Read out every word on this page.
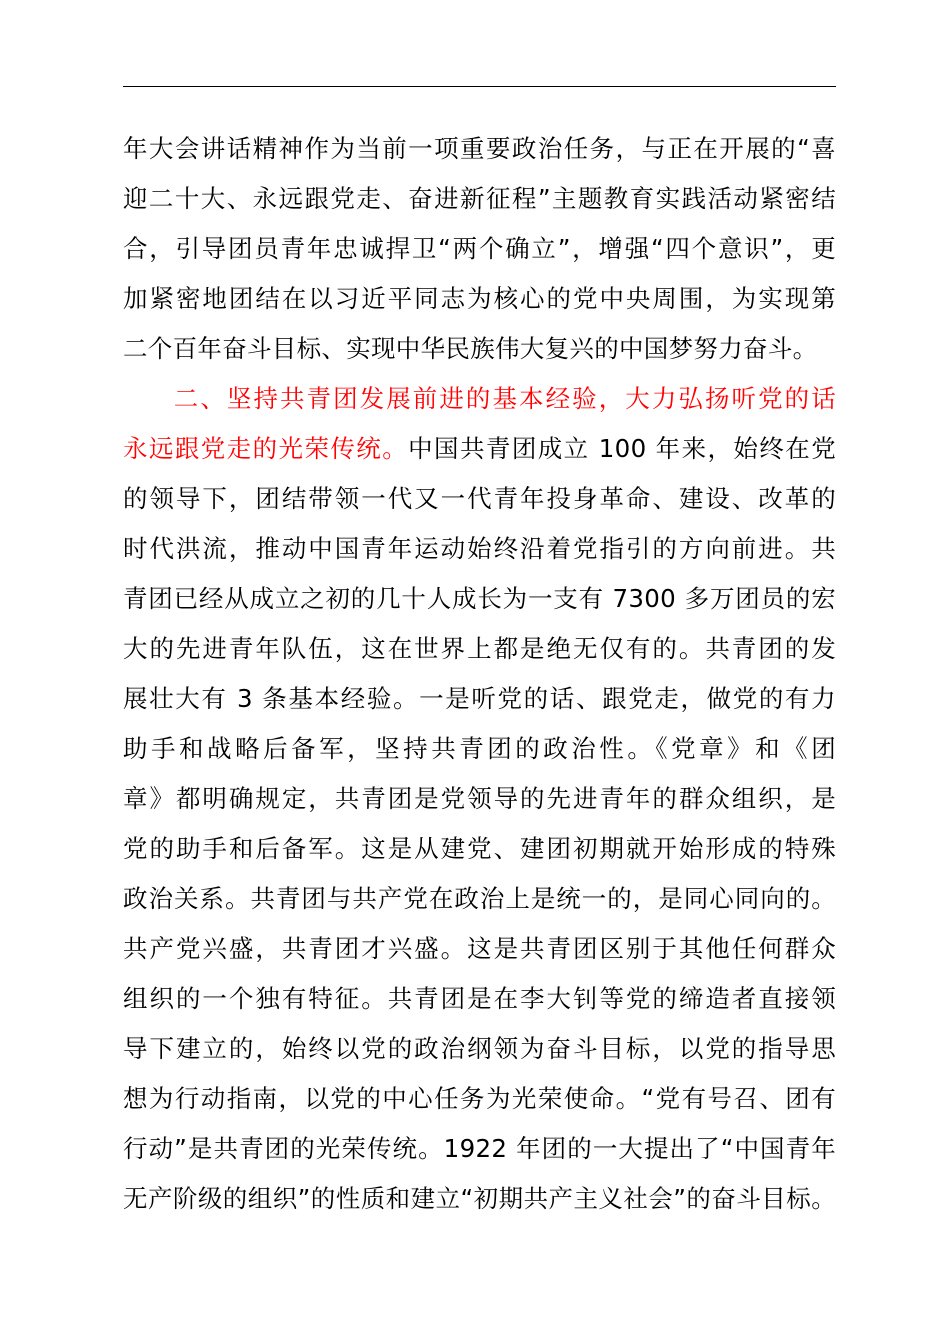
年大会讲话精神作为当前一项重要政治任务，与正在开展的“喜
迎二十大、永远跟党走、奋进新征程”主题教育实践活动紧密结
合，引导团员青年忠诚捍卫“两个确立”，增强“四个意识”，更
加紧密地团结在以习近平同志为核心的党中央周围，为实现第
二个百年奋斗目标、实现中华民族伟大复兴的中国梦努力奋斗。
二、坚持共青团发展前进的基本经验，大力弘扬听党的话
永远跟党走的光荣传统。中国共青团成立 100 年来，始终在党
的领导下，团结带领一代又一代青年投身革命、建设、改革的
时代洪流，推动中国青年运动始终沿着党指引的方向前进。共
青团已经从成立之初的几十人成长为一支有 7300 多万团员的宏
大的先进青年队伍，这在世界上都是绝无仅有的。共青团的发
展壮大有 3 条基本经验。一是听党的话、跟党走，做党的有力
助手和战略后备军，坚持共青团的政治性。《党章》和《团
章》都明确规定，共青团是党领导的先进青年的群众组织，是
党的助手和后备军。这是从建党、建团初期就开始形成的特殊
政治关系。共青团与共产党在政治上是统一的，是同心同向的。
共产党兴盛，共青团才兴盛。这是共青团区别于其他任何群众
组织的一个独有特征。共青团是在李大钊等党的缔造者直接领
导下建立的，始终以党的政治纲领为奋斗目标，以党的指导思
想为行动指南，以党的中心任务为光荣使命。“党有号召、团有
行动”是共青团的光荣传统。1922 年团的一大提出了“中国青年
无产阶级的组织”的性质和建立“初期共产主义社会”的奋斗目标。
